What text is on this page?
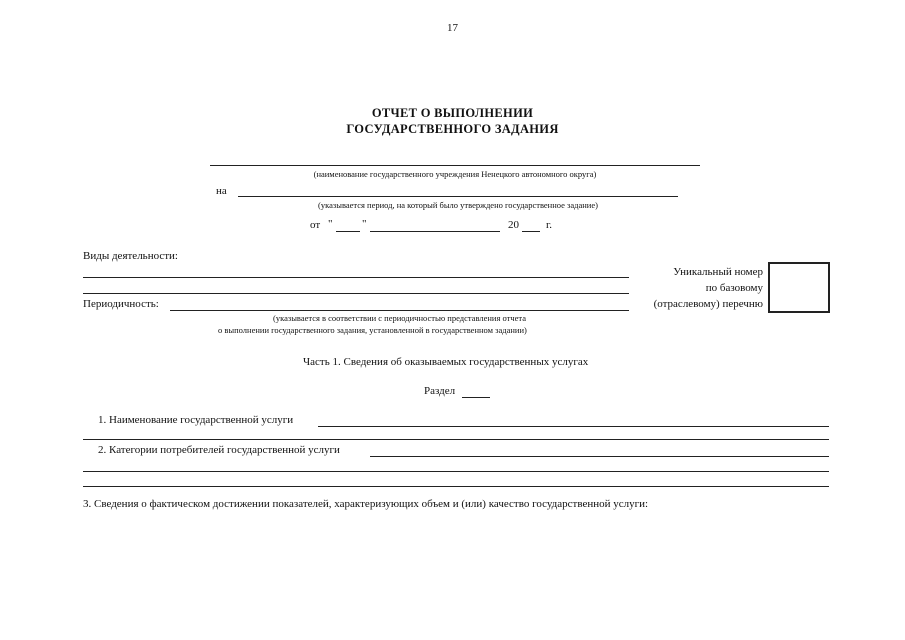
17
ОТЧЕТ О ВЫПОЛНЕНИИ
ГОСУДАРСТВЕННОГО ЗАДАНИЯ
(наименование государственного учреждения Ненецкого автономного округа)
на
(указывается период, на который было утверждено государственное задание)
от "	"	20 г.
Виды деятельности:
Уникальный номер
по базовому
(отраслевому) перечню
Периодичность:
(указывается в соответствии с периодичностью представления отчета
о выполнении государственного задания, установленной в государственном задании)
Часть 1. Сведения об оказываемых государственных услугах
Раздел
1. Наименование государственной услуги
2. Категории потребителей государственной услуги
3. Сведения о фактическом достижении показателей, характеризующих объем и (или) качество государственной услуги:
